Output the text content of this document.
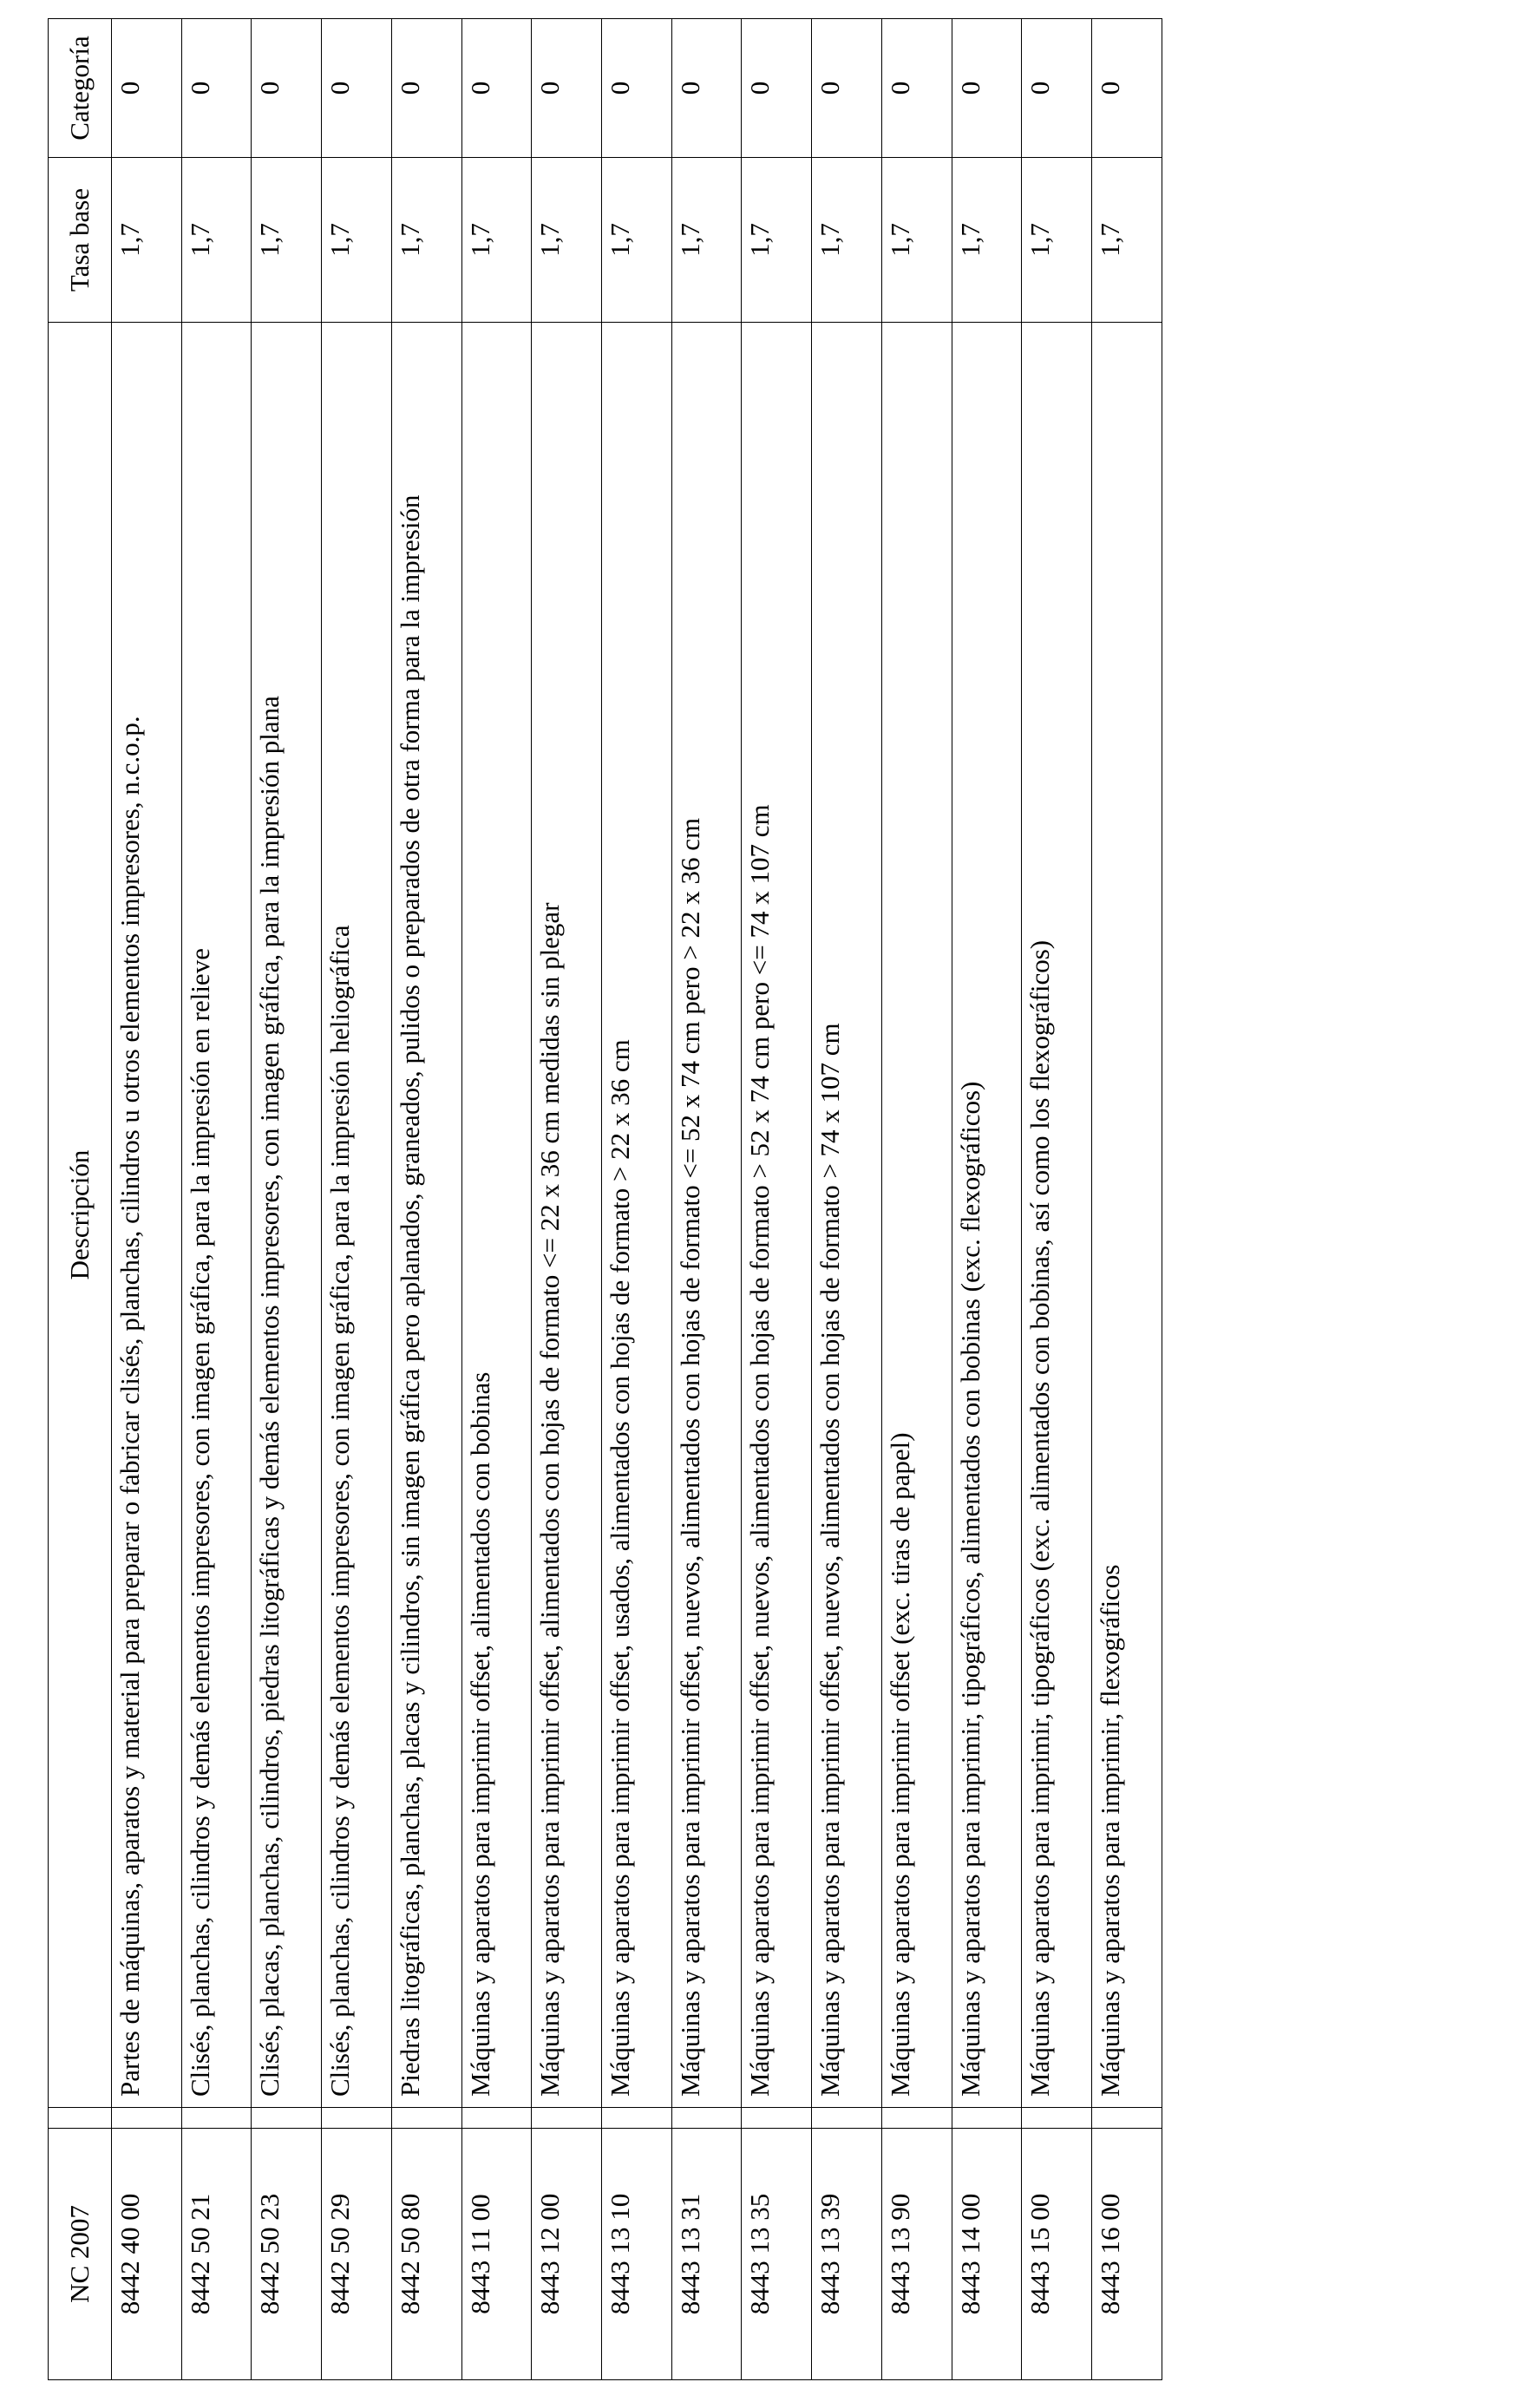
NC 2007		Descripción	Tasa base	Categoría
8442 40 00		Partes de máquinas, aparatos y material para preparar o fabricar clisés, planchas, cilindros u otros elementos impresores, n.c.o.p.	1,7	0
8442 50 21		Clisés, planchas, cilindros y demás elementos impresores, con imagen gráfica, para la impresión en relieve	1,7	0
8442 50 23		Clisés, placas, planchas, cilindros, piedras litográficas y demás elementos impresores, con imagen gráfica, para la impresión plana	1,7	0
8442 50 29		Clisés, planchas, cilindros y demás elementos impresores, con imagen gráfica, para la impresión heliográfica	1,7	0
8442 50 80		Piedras litográficas, planchas, placas y cilindros, sin imagen gráfica pero aplanados, graneados, pulidos o preparados de otra forma para la impresión	1,7	0
8443 11 00		Máquinas y aparatos para imprimir offset, alimentados con bobinas	1,7	0
8443 12 00		Máquinas y aparatos para imprimir offset, alimentados con hojas de formato <= 22 x 36 cm medidas sin plegar	1,7	0
8443 13 10		Máquinas y aparatos para imprimir offset, usados, alimentados con hojas de formato > 22 x 36 cm	1,7	0
8443 13 31		Máquinas y aparatos para imprimir offset, nuevos, alimentados con hojas de formato <= 52 x 74 cm pero > 22 x 36 cm	1,7	0
8443 13 35		Máquinas y aparatos para imprimir offset, nuevos, alimentados con hojas de formato > 52 x 74 cm pero <= 74 x 107 cm	1,7	0
8443 13 39		Máquinas y aparatos para imprimir offset, nuevos, alimentados con hojas de formato > 74 x 107 cm	1,7	0
8443 13 90		Máquinas y aparatos para imprimir offset (exc. tiras de papel)	1,7	0
8443 14 00		Máquinas y aparatos para imprimir, tipográficos, alimentados con bobinas (exc. flexográficos)	1,7	0
8443 15 00		Máquinas y aparatos para imprimir, tipográficos (exc. alimentados con bobinas, así como los flexográficos)	1,7	0
8443 16 00		Máquinas y aparatos para imprimir, flexográficos	1,7	0
